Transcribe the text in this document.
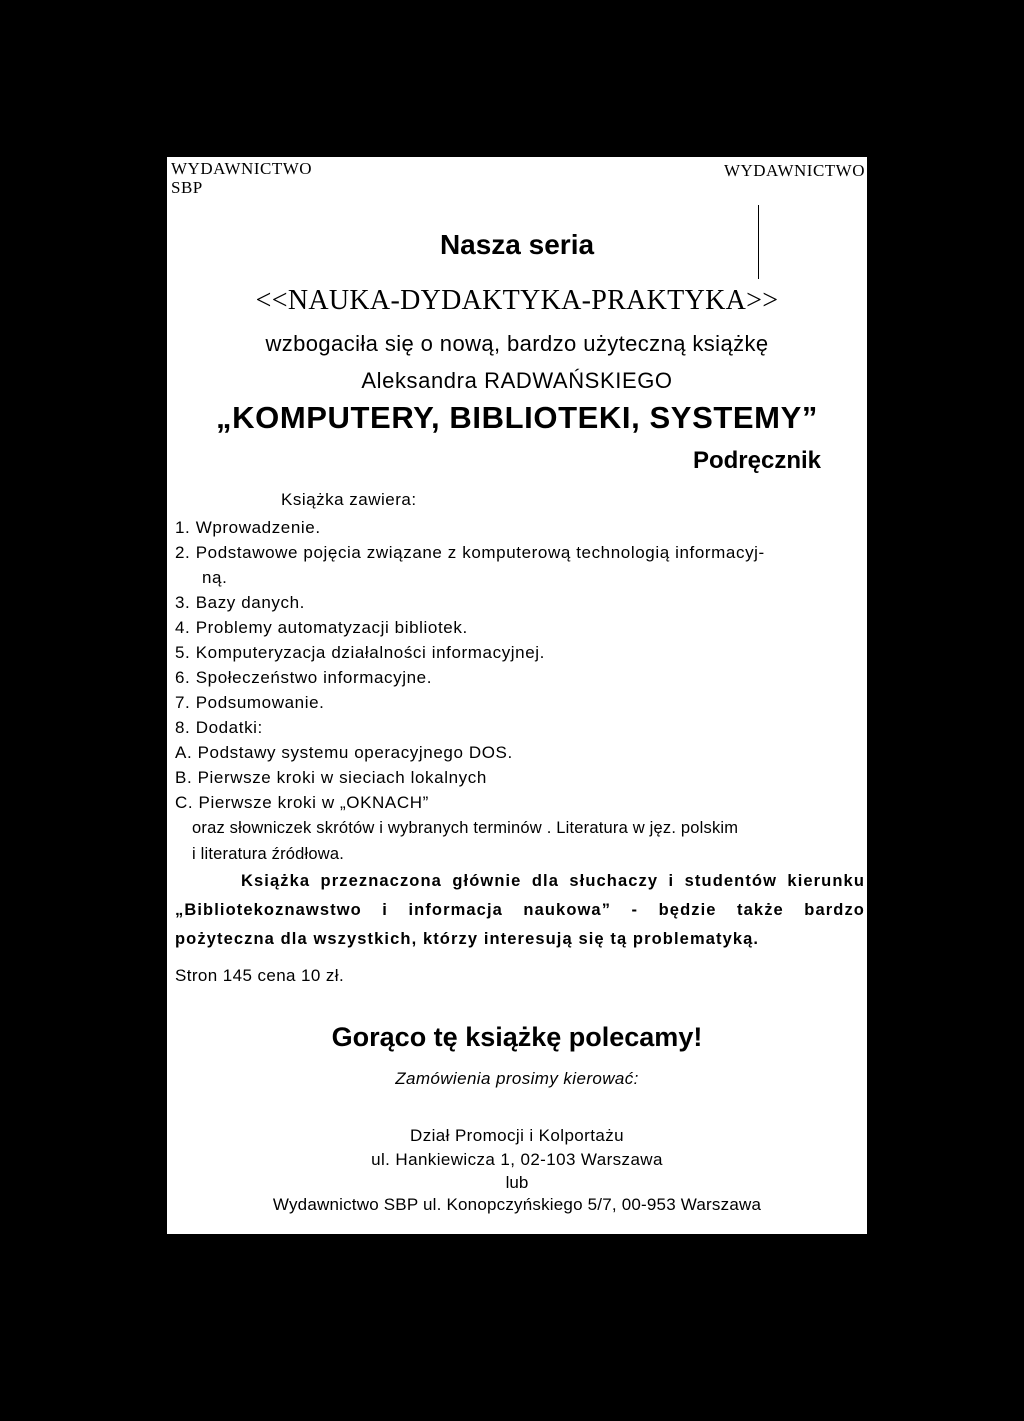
WYDAWNICTWO SBP
WYDAWNICTWO
Nasza seria
<<NAUKA-DYDAKTYKA-PRAKTYKA>>
wzbogaciła się o nową, bardzo użyteczną książkę
Aleksandra RADWAŃSKIEGO
„KOMPUTERY, BIBLIOTEKI, SYSTEMY”
Podręcznik
Książka zawiera:
1. Wprowadzenie.
2. Podstawowe pojęcia związane z komputerową technologią informacyj-
ną.
3. Bazy danych.
4. Problemy automatyzacji bibliotek.
5. Komputeryzacja działalności informacyjnej.
6. Społeczeństwo informacyjne.
7. Podsumowanie.
8. Dodatki:
A. Podstawy systemu operacyjnego DOS.
B. Pierwsze kroki w sieciach lokalnych
C. Pierwsze kroki w „OKNACH”
oraz słowniczek skrótów i wybranych terminów . Literatura w jęz. polskim
i literatura źródłowa.
Książka przeznaczona głównie dla słuchaczy i studentów kierunku „Bibliotekoznawstwo i informacja naukowa” - będzie także bardzo pożyteczna dla wszystkich, którzy interesują się tą problematyką.
Stron 145 cena 10 zł.
Gorąco tę książkę polecamy!
Zamówienia prosimy kierować:
Dział Promocji i Kolportażu
ul. Hankiewicza 1, 02-103 Warszawa
lub
Wydawnictwo SBP ul. Konopczyńskiego 5/7, 00-953 Warszawa
